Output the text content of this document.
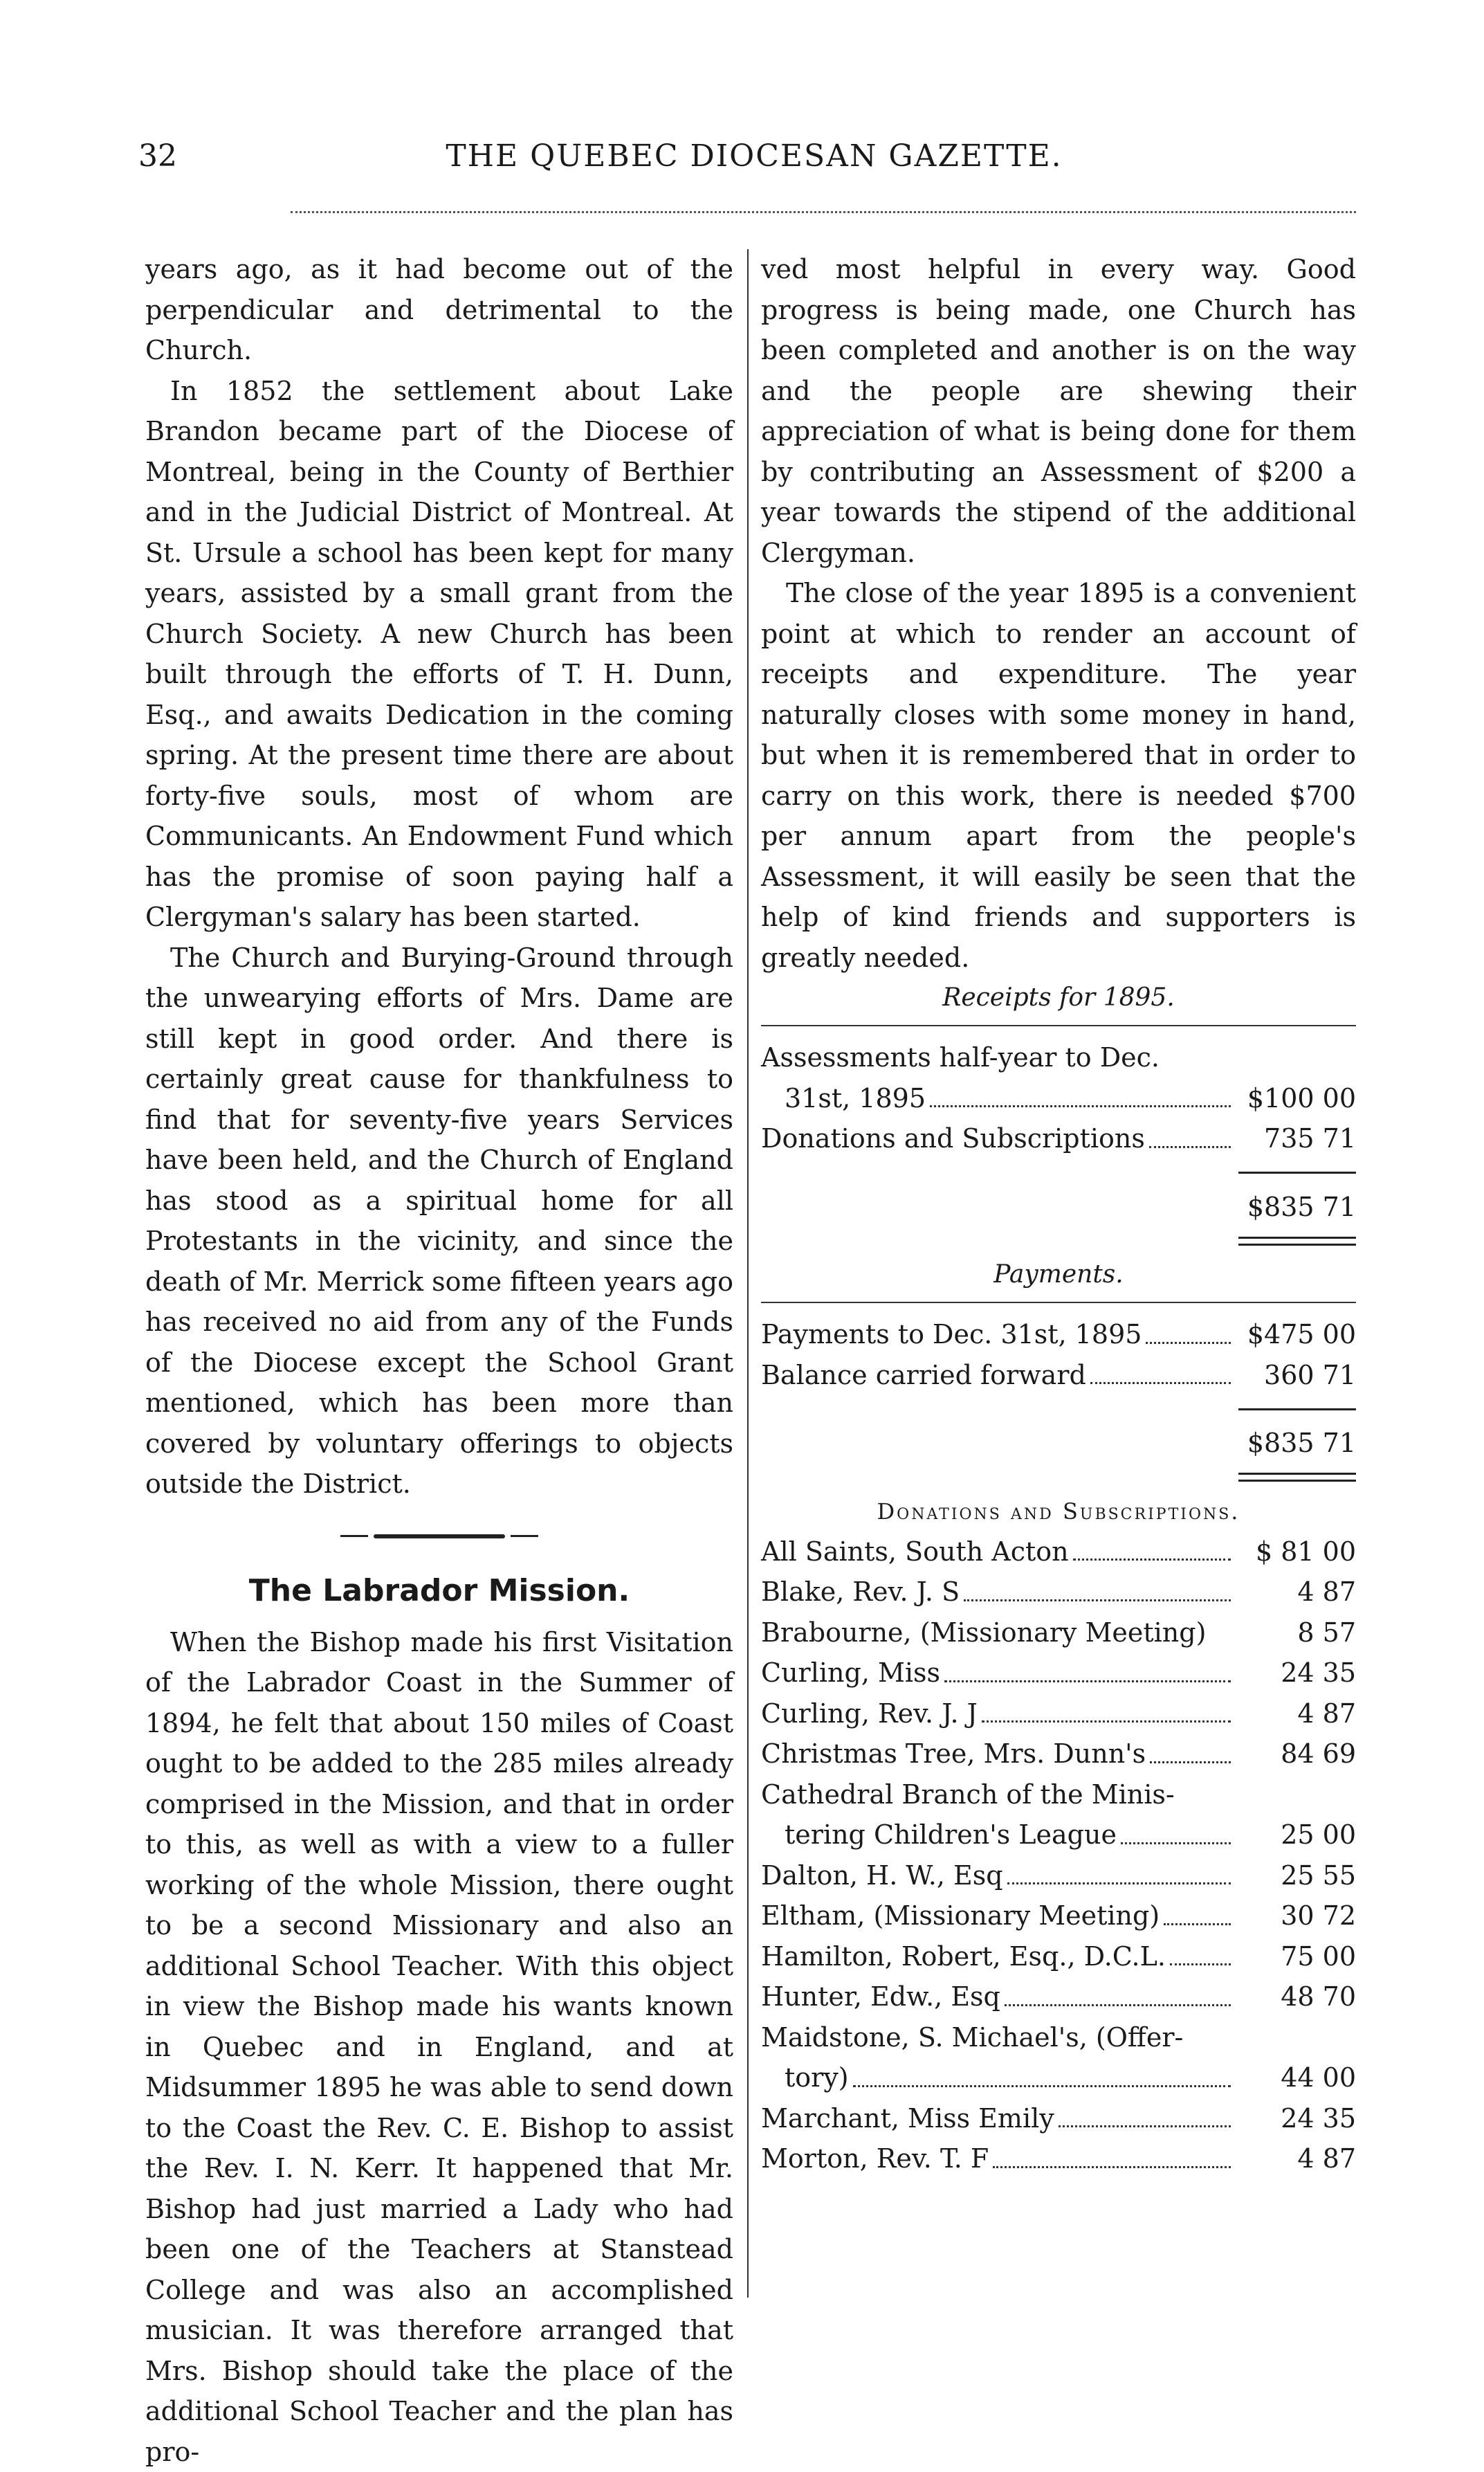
32	THE QUEBEC DIOCESAN GAZETTE.

years ago, as it had become out of the perpendicular and detrimental to the Church.

In 1852 the settlement about Lake Brandon became part of the Diocese of Montreal, being in the County of Berthier and in the Judicial District of Montreal. At St. Ursule a school has been kept for many years, assisted by a small grant from the Church Society. A new Church has been built through the efforts of T. H. Dunn, Esq., and awaits Dedication in the coming spring. At the present time there are about forty-five souls, most of whom are Communicants. An Endowment Fund which has the promise of soon paying half a Clergyman's salary has been started.

The Church and Burying-Ground through the unwearying efforts of Mrs. Dame are still kept in good order. And there is certainly great cause for thankfulness to find that for seventy-five years Services have been held, and the Church of England has stood as a spiritual home for all Protestants in the vicinity, and since the death of Mr. Merrick some fifteen years ago has received no aid from any of the Funds of the Diocese except the School Grant mentioned, which has been more than covered by voluntary offerings to objects outside the District.

The Labrador Mission.

When the Bishop made his first Visitation of the Labrador Coast in the Summer of 1894, he felt that about 150 miles of Coast ought to be added to the 285 miles already comprised in the Mission, and that in order to this, as well as with a view to a fuller working of the whole Mission, there ought to be a second Missionary and also an additional School Teacher. With this object in view the Bishop made his wants known in Quebec and in England, and at Midsummer 1895 he was able to send down to the Coast the Rev. C. E. Bishop to assist the Rev. I. N. Kerr. It happened that Mr. Bishop had just married a Lady who had been one of the Teachers at Stanstead College and was also an accomplished musician. It was therefore arranged that Mrs. Bishop should take the place of the additional School Teacher and the plan has pro-

ved most helpful in every way. Good progress is being made, one Church has been completed and another is on the way and the people are shewing their appreciation of what is being done for them by contributing an Assessment of $200 a year towards the stipend of the additional Clergyman.

The close of the year 1895 is a convenient point at which to render an account of receipts and expenditure. The year naturally closes with some money in hand, but when it is remembered that in order to carry on this work, there is needed $700 per annum apart from the people's Assessment, it will easily be seen that the help of kind friends and supporters is greatly needed.

Receipts for 1895.
Assessments half-year to Dec.
31st, 1895	$100 00
Donations and Subscriptions	735 71
$835 71
Payments.
Payments to Dec. 31st, 1895	$475 00
Balance carried forward	360 71
$835 71
Donations and Subscriptions.
All Saints, South Acton	$ 81 00
Blake, Rev. J. S	4 87
Brabourne, (Missionary Meeting)	8 57
Curling, Miss	24 35
Curling, Rev. J. J	4 87
Christmas Tree, Mrs. Dunn's	84 69
Cathedral Branch of the Minis-
tering Children's League	25 00
Dalton, H. W., Esq	25 55
Eltham, (Missionary Meeting)	30 72
Hamilton, Robert, Esq., D.C.L.	75 00
Hunter, Edw., Esq	48 70
Maidstone, S. Michael's, (Offer-
tory)	44 00
Marchant, Miss Emily	24 35
Morton, Rev. T. F	4 87
